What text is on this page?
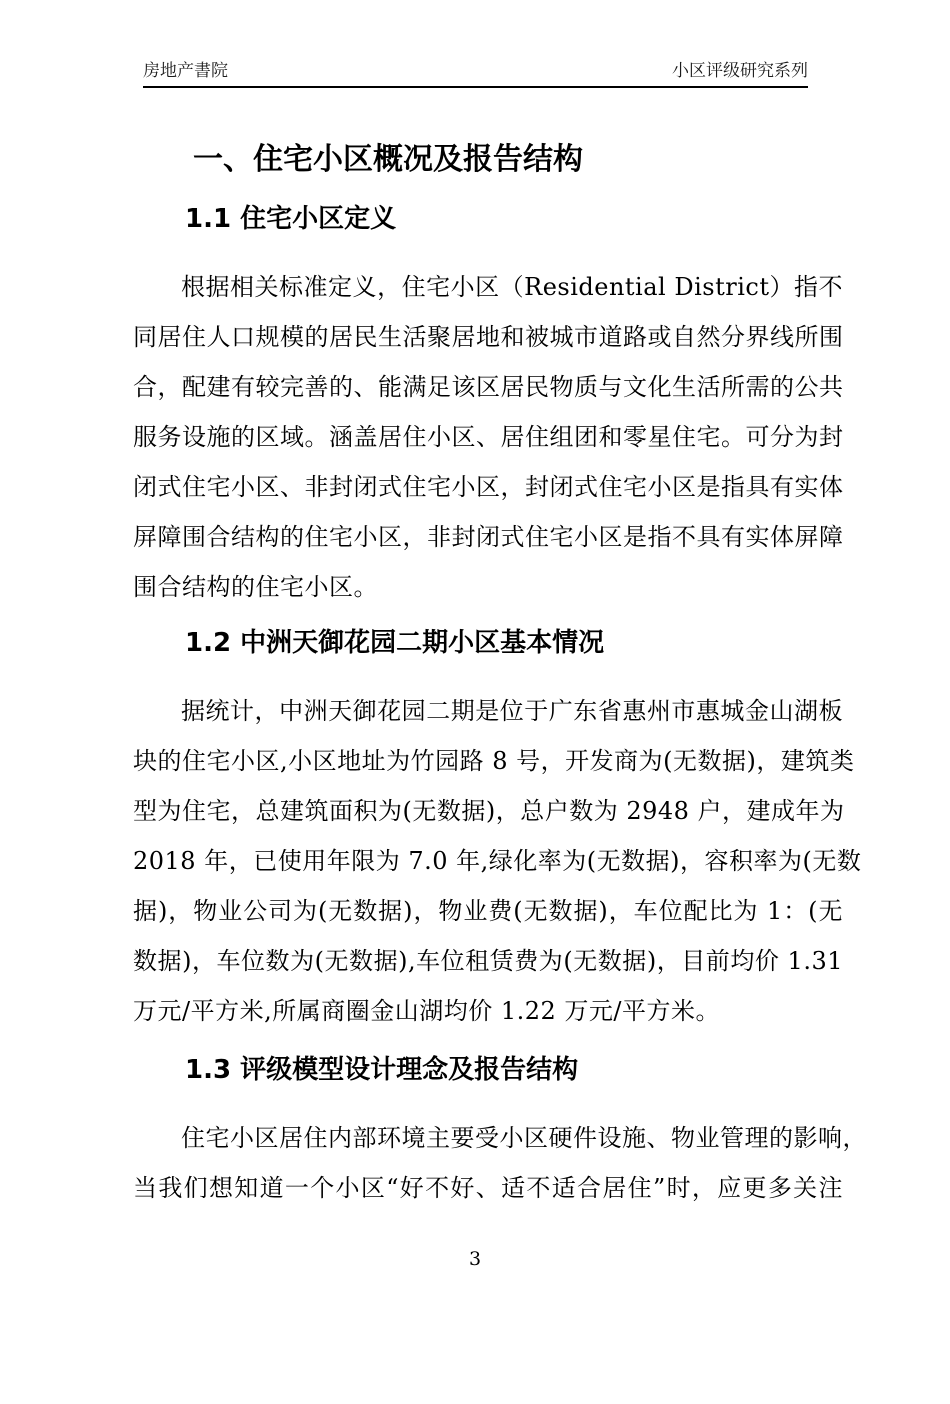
房地产書院	小区评级研究系列
一、住宅小区概况及报告结构
1.1 住宅小区定义
根据相关标准定义，住宅小区（Residential District）指不
同居住人口规模的居民生活聚居地和被城市道路或自然分界线所围
合，配建有较完善的、能满足该区居民物质与文化生活所需的公共
服务设施的区域。涵盖居住小区、居住组团和零星住宅。可分为封
闭式住宅小区、非封闭式住宅小区，封闭式住宅小区是指具有实体
屏障围合结构的住宅小区，非封闭式住宅小区是指不具有实体屏障
围合结构的住宅小区。
1.2 中洲天御花园二期小区基本情况
据统计，中洲天御花园二期是位于广东省惠州市惠城金山湖板
块的住宅小区,小区地址为竹园路 8 号，开发商为(无数据)，建筑类
型为住宅，总建筑面积为(无数据)，总户数为 2948 户，建成年为
2018 年，已使用年限为 7.0 年,绿化率为(无数据)，容积率为(无数
据)，物业公司为(无数据)，物业费(无数据)，车位配比为 1：(无
数据)，车位数为(无数据),车位租赁费为(无数据)，目前均价 1.31
万元/平方米,所属商圈金山湖均价 1.22 万元/平方米。
1.3 评级模型设计理念及报告结构
住宅小区居住内部环境主要受小区硬件设施、物业管理的影响，
当我们想知道一个小区“好不好、适不适合居住”时，应更多关注
3
